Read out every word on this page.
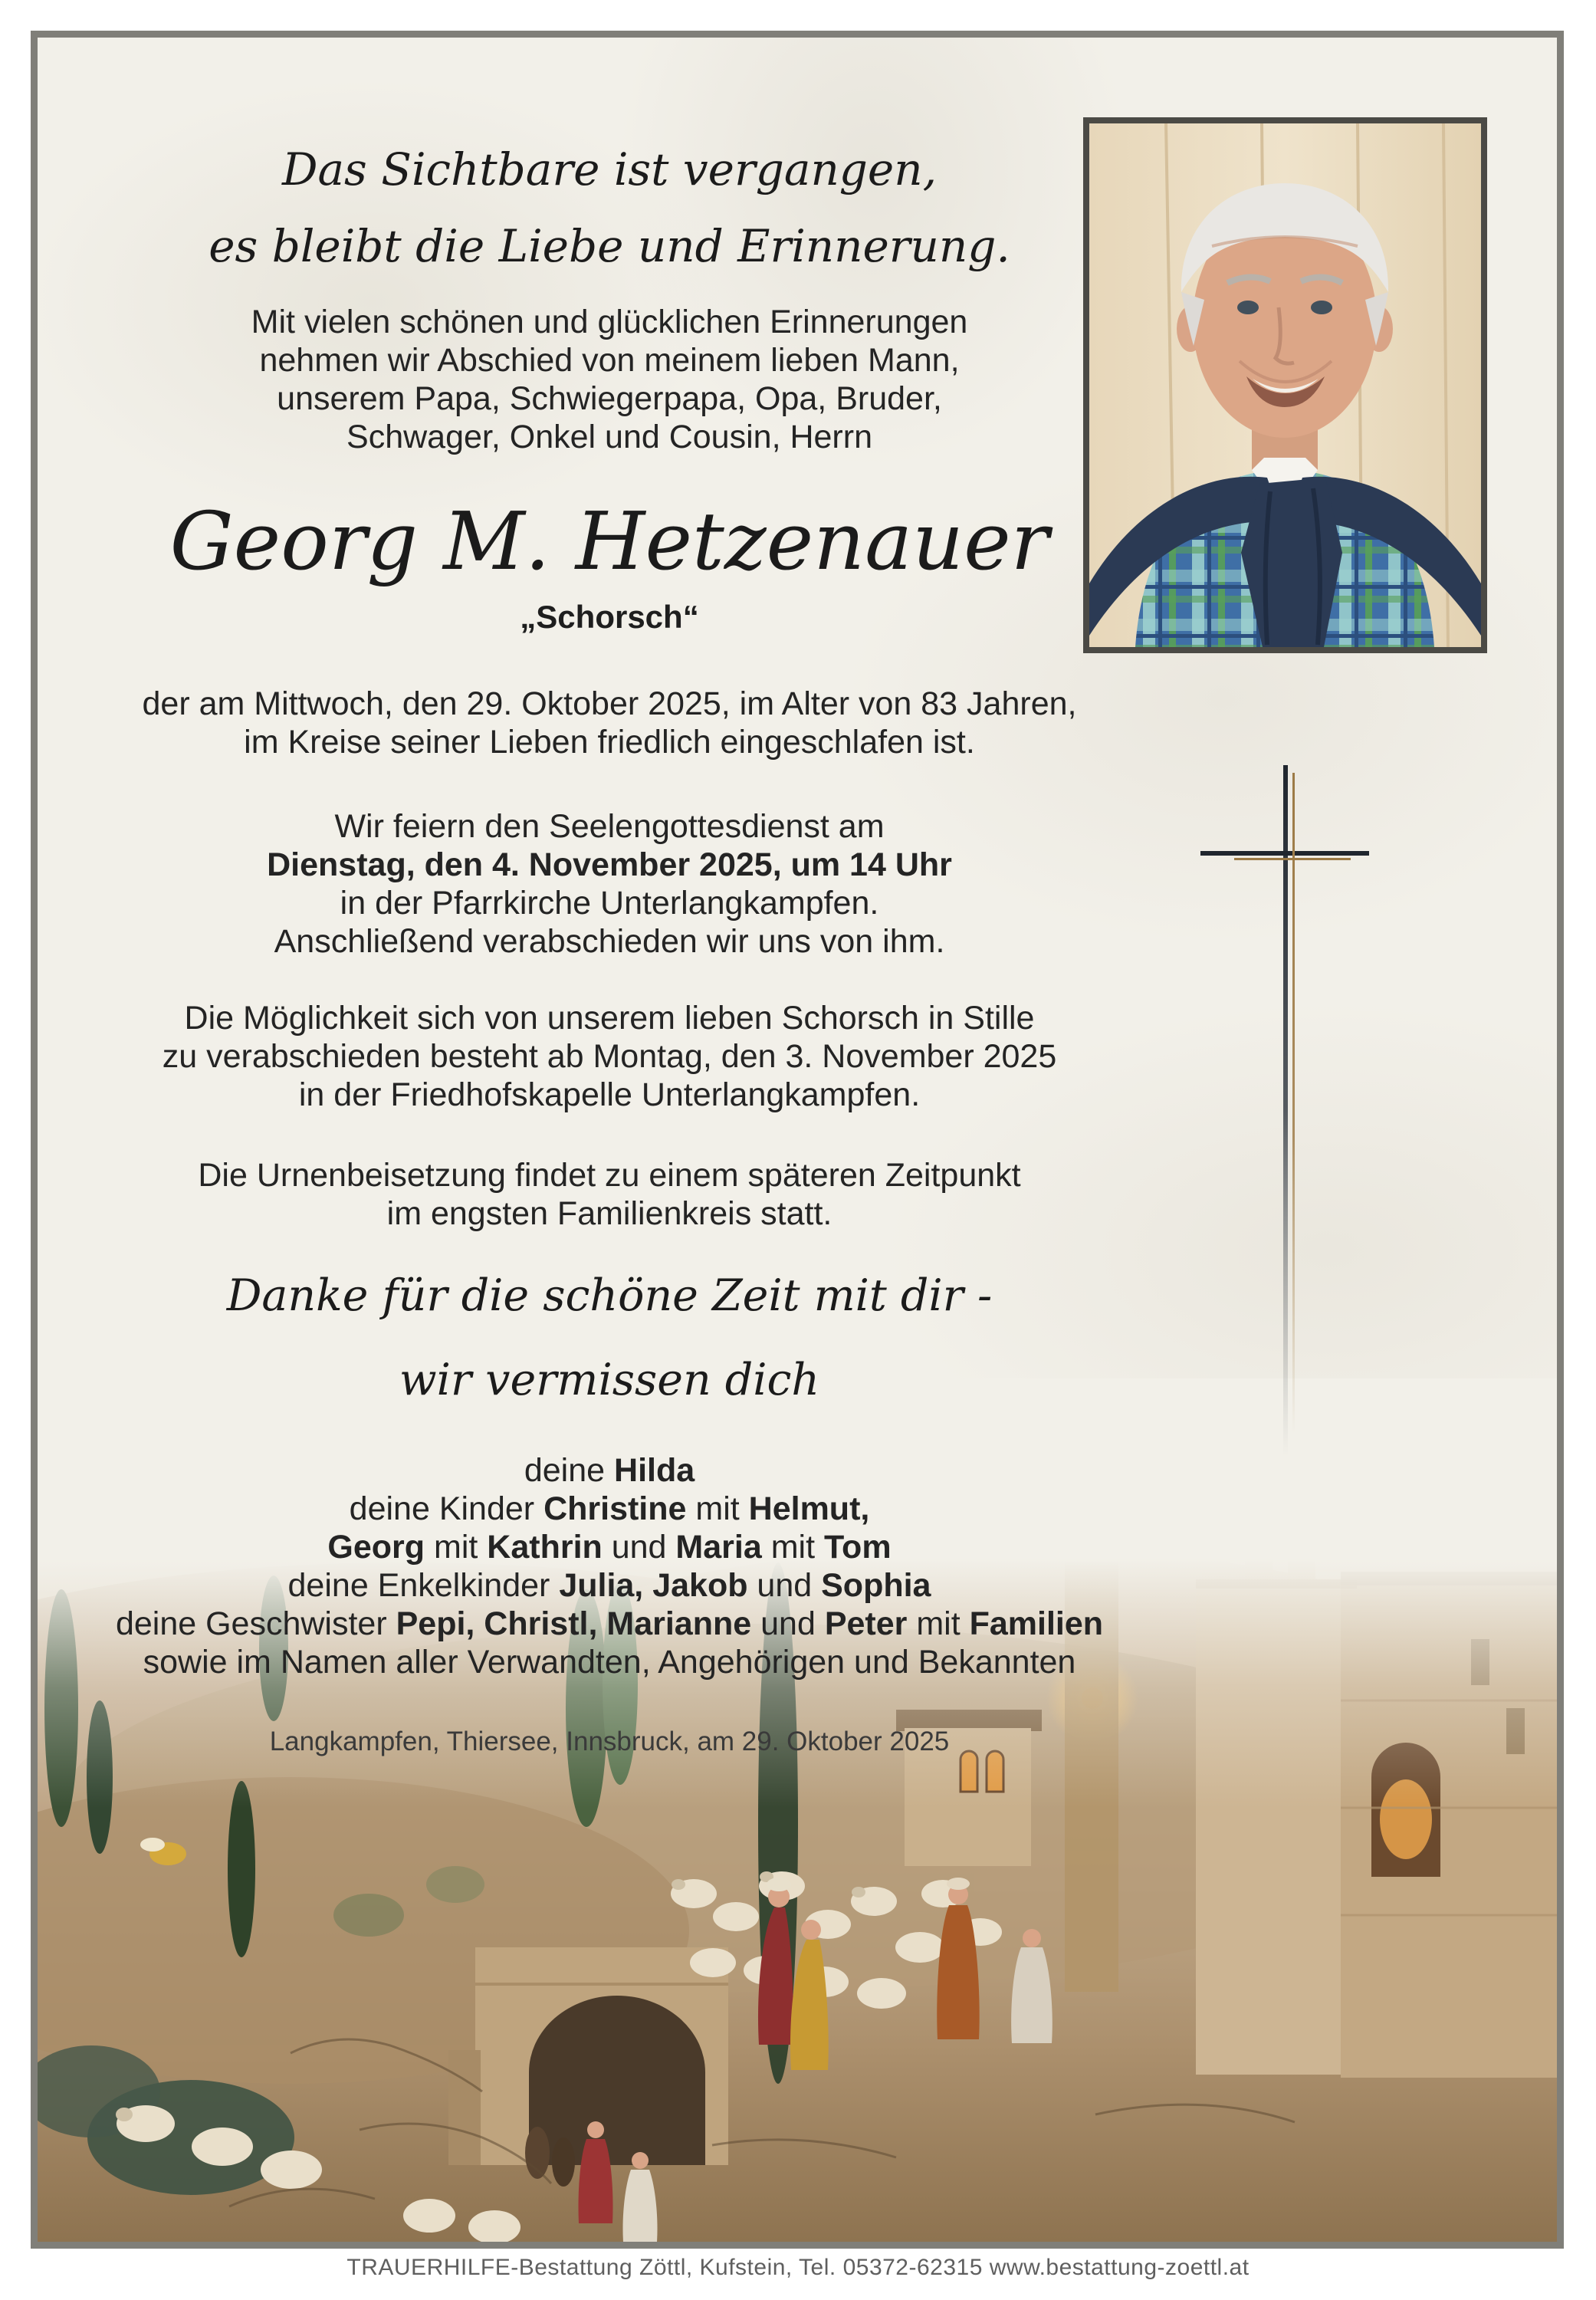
Das Sichtbare ist vergangen,
es bleibt die Liebe und Erinnerung.
Mit vielen schönen und glücklichen Erinnerungen
nehmen wir Abschied von meinem lieben Mann,
unserem Papa, Schwiegerpapa, Opa, Bruder,
Schwager, Onkel und Cousin, Herrn
Georg M. Hetzenauer
„Schorsch“
der am Mittwoch, den 29. Oktober 2025, im Alter von 83 Jahren,
im Kreise seiner Lieben friedlich eingeschlafen ist.
Wir feiern den Seelengottesdienst am
Dienstag, den 4. November 2025, um 14 Uhr
in der Pfarrkirche Unterlangkampfen.
Anschließend verabschieden wir uns von ihm.
Die Möglichkeit sich von unserem lieben Schorsch in Stille
zu verabschieden besteht ab Montag, den 3. November 2025
in der Friedhofskapelle Unterlangkampfen.
Die Urnenbeisetzung findet zu einem späteren Zeitpunkt
im engsten Familienkreis statt.
Danke für die schöne Zeit mit dir -
wir vermissen dich
deine Hilda
deine Kinder Christine mit Helmut,
Georg mit Kathrin und Maria mit Tom
deine Enkelkinder Julia, Jakob und Sophia
deine Geschwister Pepi, Christl, Marianne und Peter mit Familien
sowie im Namen aller Verwandten, Angehörigen und Bekannten
Langkampfen, Thiersee, Innsbruck, am 29. Oktober 2025
TRAUERHILFE-Bestattung Zöttl, Kufstein, Tel. 05372-62315 www.bestattung-zoettl.at
